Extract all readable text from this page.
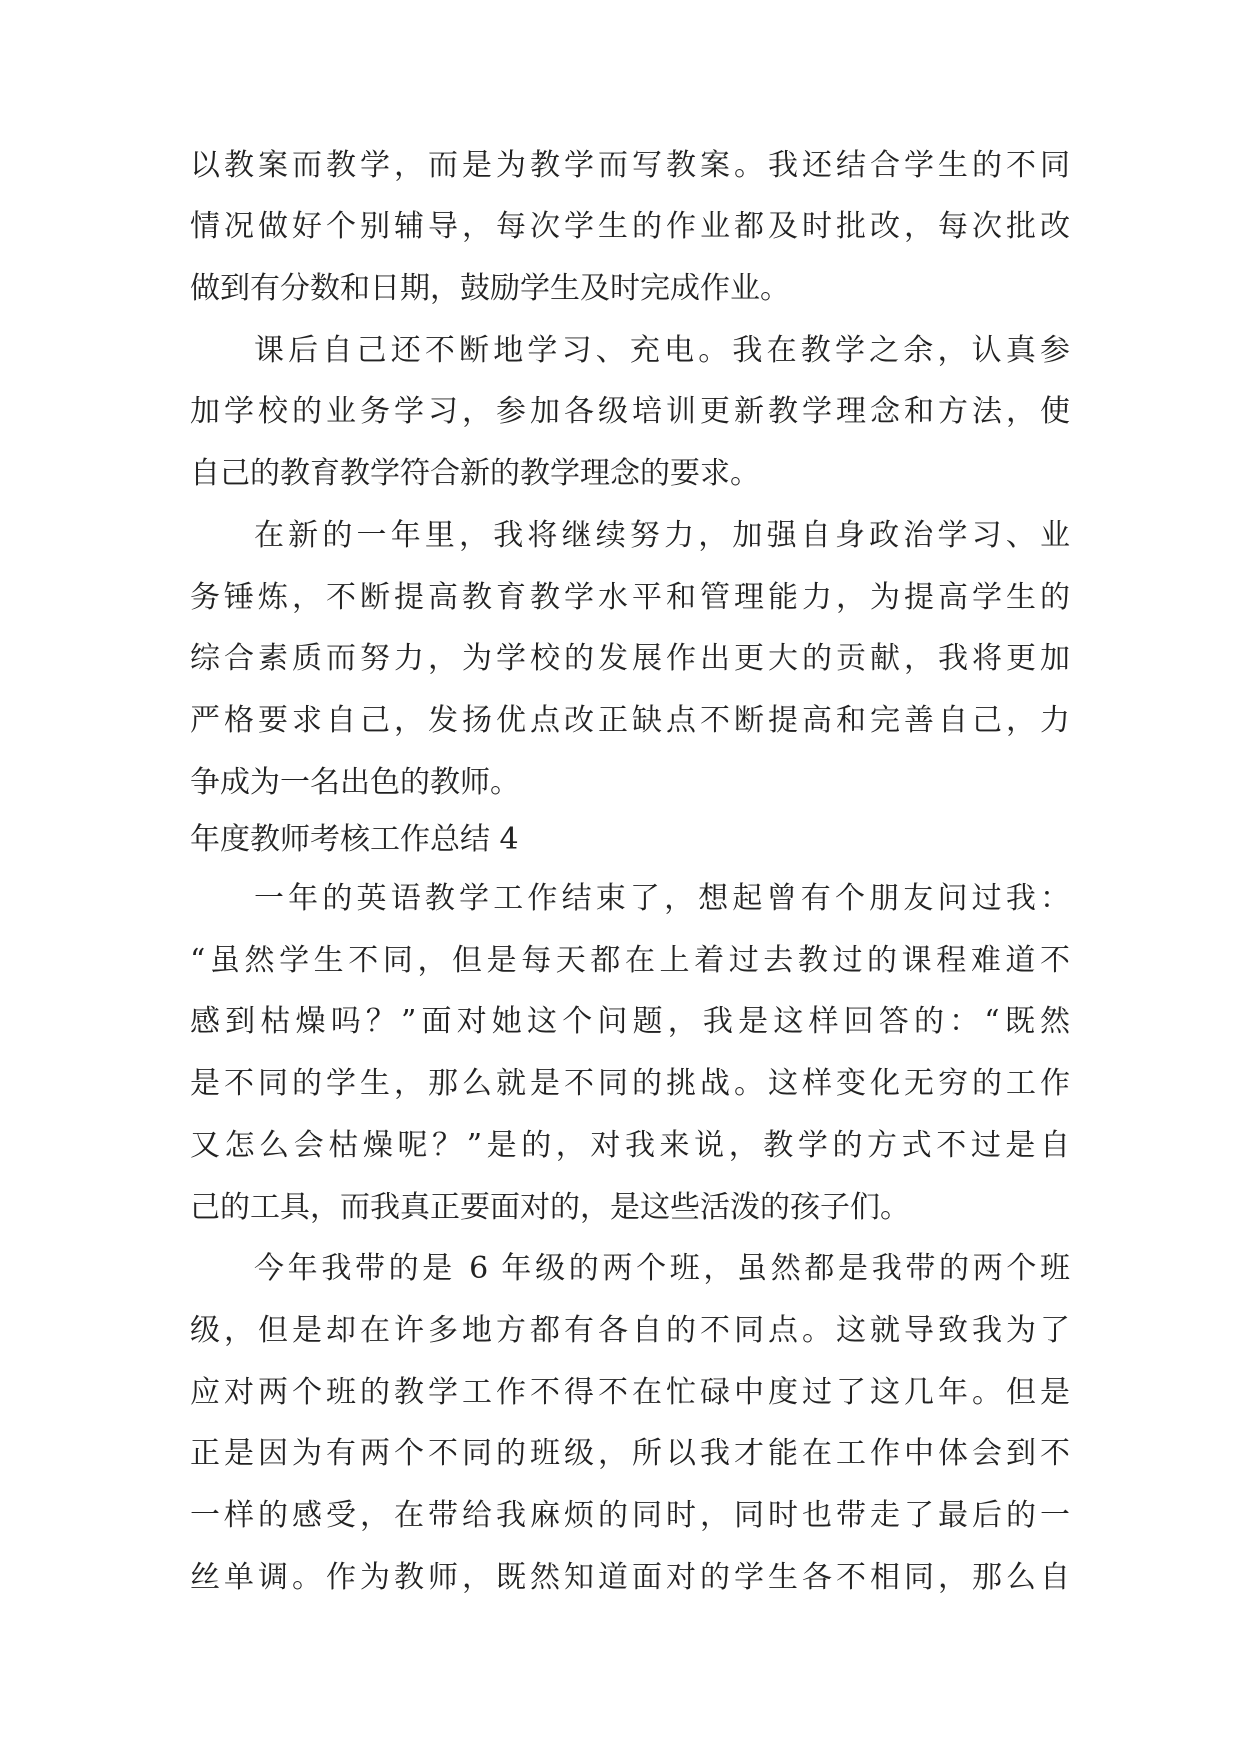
以教案而教学，而是为教学而写教案。我还结合学生的不同

情况做好个别辅导，每次学生的作业都及时批改，每次批改

做到有分数和日期，鼓励学生及时完成作业。

课后自己还不断地学习、充电。我在教学之余，认真参

加学校的业务学习，参加各级培训更新教学理念和方法，使

自己的教育教学符合新的教学理念的要求。

在新的一年里，我将继续努力，加强自身政治学习、业

务锤炼，不断提高教育教学水平和管理能力，为提高学生的

综合素质而努力，为学校的发展作出更大的贡献，我将更加

严格要求自己，发扬优点改正缺点不断提高和完善自己，力

争成为一名出色的教师。

年度教师考核工作总结 4

一年的英语教学工作结束了，想起曾有个朋友问过我：

“虽然学生不同，但是每天都在上着过去教过的课程难道不

感到枯燥吗？”面对她这个问题，我是这样回答的：“既然

是不同的学生，那么就是不同的挑战。这样变化无穷的工作

又怎么会枯燥呢？”是的，对我来说，教学的方式不过是自

己的工具，而我真正要面对的，是这些活泼的孩子们。

今年我带的是 6 年级的两个班，虽然都是我带的两个班

级，但是却在许多地方都有各自的不同点。这就导致我为了

应对两个班的教学工作不得不在忙碌中度过了这几年。但是

正是因为有两个不同的班级，所以我才能在工作中体会到不

一样的感受，在带给我麻烦的同时，同时也带走了最后的一

丝单调。作为教师，既然知道面对的学生各不相同，那么自
